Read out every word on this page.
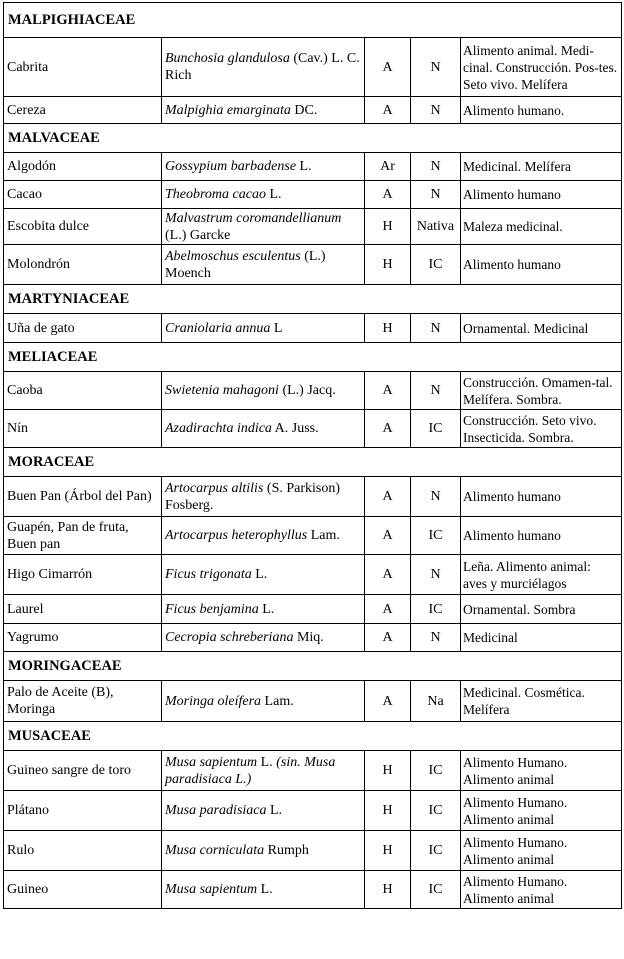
MALPIGHIACEAE				
Cabrita	Bunchosia glandulosa (Cav.) L. C. Rich	A	N	Alimento animal. Medi-cinal. Construcción. Pos-tes. Seto vivo. Melífera
Cereza	Malpighia emarginata DC.	A	N	Alimento humano.
MALVACEAE				
Algodón	Gossypium barbadense L.	Ar	N	Medicinal. Melífera
Cacao	Theobroma cacao L.	A	N	Alimento humano
Escobita dulce	Malvastrum coromandellianum (L.) Garcke	H	Nativa	Maleza medicinal.
Molondrón	Abelmoschus esculentus (L.) Moench	H	IC	Alimento humano
MARTYNIACEAE				
Uña de gato	Craniolaria annua L	H	N	Ornamental. Medicinal
MELIACEAE				
Caoba	Swietenia mahagoni (L.) Jacq.	A	N	Construcción. Omamen-tal. Melífera. Sombra.
Nín	Azadirachta indica A. Juss.	A	IC	Construcción. Seto vivo. Insecticida. Sombra.
MORACEAE				
Buen Pan (Árbol del Pan)	Artocarpus altilis (S. Parkison) Fosberg.	A	N	Alimento humano
Guapén, Pan de fruta, Buen pan	Artocarpus heterophyllus Lam.	A	IC	Alimento humano
Higo Cimarrón	Ficus trigonata L.	A	N	Leña. Alimento animal: aves y murciélagos
Laurel	Ficus benjamina L.	A	IC	Ornamental. Sombra
Yagrumo	Cecropia schreberiana Miq.	A	N	Medicinal
MORINGACEAE				
Palo de Aceite (B), Moringa	Moringa oleífera Lam.	A	Na	Medicinal. Cosmética. Melífera
MUSACEAE				
Guineo sangre de toro	Musa sapientum L. (sin. Musa paradisiaca L.)	H	IC	Alimento Humano. Alimento animal
Plátano	Musa paradisiaca L.	H	IC	Alimento Humano. Alimento animal
Rulo	Musa corniculata Rumph	H	IC	Alimento Humano. Alimento animal
Guineo	Musa sapientum L.	H	IC	Alimento Humano. Alimento animal
